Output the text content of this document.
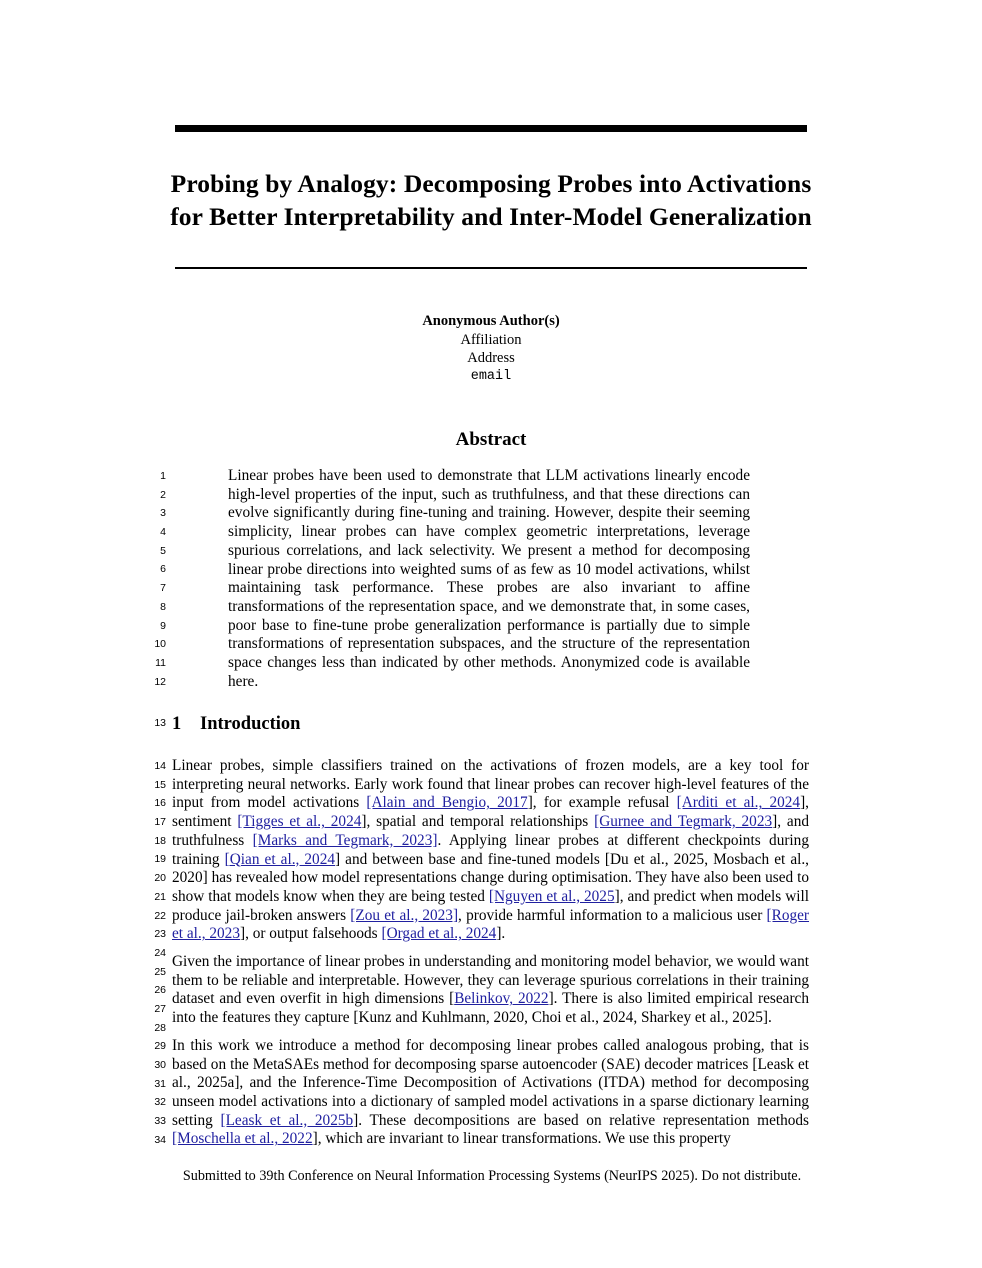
Probing by Analogy: Decomposing Probes into Activations for Better Interpretability and Inter-Model Generalization
Anonymous Author(s)
Affiliation
Address
email
Abstract
1
2
3
4
5
6
7
8
9
10
11
12
Linear probes have been used to demonstrate that LLM activations linearly encode high-level properties of the input, such as truthfulness, and that these directions can evolve significantly during fine-tuning and training. However, despite their seeming simplicity, linear probes can have complex geometric interpretations, leverage spurious correlations, and lack selectivity. We present a method for decomposing linear probe directions into weighted sums of as few as 10 model activations, whilst maintaining task performance. These probes are also invariant to affine transformations of the representation space, and we demonstrate that, in some cases, poor base to fine-tune probe generalization performance is partially due to simple transformations of representation subspaces, and the structure of the representation space changes less than indicated by other methods. Anonymized code is available here.
13 1 Introduction
14
15
16
17
18
19
20
21
22
23
24
25
26
27
28
29
30
31
32
33
34

Linear probes, simple classifiers trained on the activations of frozen models, are a key tool for interpreting neural networks. Early work found that linear probes can recover high-level features of the input from model activations [Alain and Bengio, 2017], for example refusal [Arditi et al., 2024], sentiment [Tigges et al., 2024], spatial and temporal relationships [Gurnee and Tegmark, 2023], and truthfulness [Marks and Tegmark, 2023]. Applying linear probes at different checkpoints during training [Qian et al., 2024] and between base and fine-tuned models [Du et al., 2025, Mosbach et al., 2020] has revealed how model representations change during optimisation. They have also been used to show that models know when they are being tested [Nguyen et al., 2025], and predict when models will produce jail-broken answers [Zou et al., 2023], provide harmful information to a malicious user [Roger et al., 2023], or output falsehoods [Orgad et al., 2024].

Given the importance of linear probes in understanding and monitoring model behavior, we would want them to be reliable and interpretable. However, they can leverage spurious correlations in their training dataset and even overfit in high dimensions [Belinkov, 2022]. There is also limited empirical research into the features they capture [Kunz and Kuhlmann, 2020, Choi et al., 2024, Sharkey et al., 2025].

In this work we introduce a method for decomposing linear probes called analogous probing, that is based on the MetaSAEs method for decomposing sparse autoencoder (SAE) decoder matrices [Leask et al., 2025a], and the Inference-Time Decomposition of Activations (ITDA) method for decomposing unseen model activations into a dictionary of sampled model activations in a sparse dictionary learning setting [Leask et al., 2025b]. These decompositions are based on relative representation methods [Moschella et al., 2022], which are invariant to linear transformations. We use this property

Submitted to 39th Conference on Neural Information Processing Systems (NeurIPS 2025). Do not distribute.
